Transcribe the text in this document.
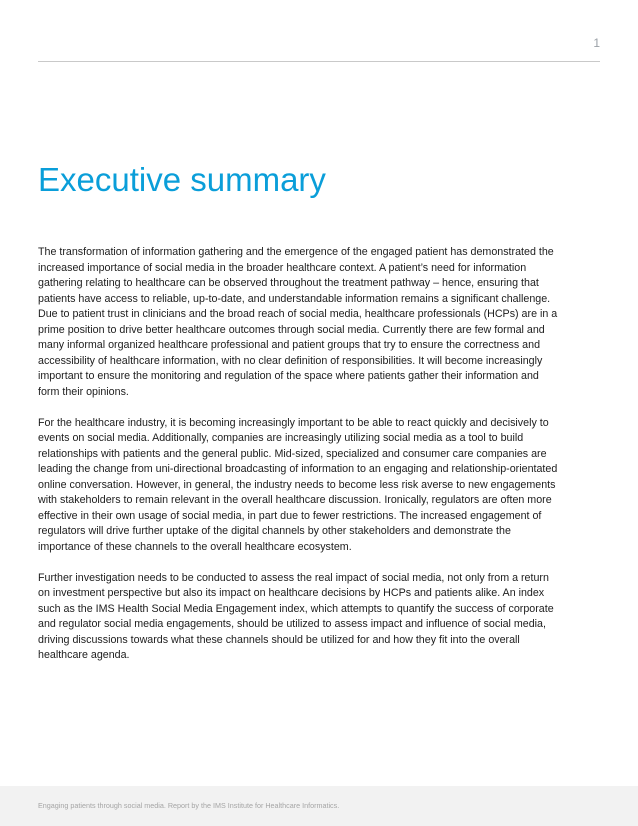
1
Executive summary

The transformation of information gathering and the emergence of the engaged patient has demonstrated the increased importance of social media in the broader healthcare context. A patient’s need for information gathering relating to healthcare can be observed throughout the treatment pathway – hence, ensuring that patients have access to reliable, up-to-date, and understandable information remains a significant challenge. Due to patient trust in clinicians and the broad reach of social media, healthcare professionals (HCPs) are in a prime position to drive better healthcare outcomes through social media. Currently there are few formal and many informal organized healthcare professional and patient groups that try to ensure the correctness and accessibility of healthcare information, with no clear definition of responsibilities. It will become increasingly important to ensure the monitoring and regulation of the space where patients gather their information and form their opinions.

For the healthcare industry, it is becoming increasingly important to be able to react quickly and decisively to events on social media. Additionally, companies are increasingly utilizing social media as a tool to build relationships with patients and the general public. Mid-sized, specialized and consumer care companies are leading the change from uni-directional broadcasting of information to an engaging and relationship-orientated online conversation. However, in general, the industry needs to become less risk averse to new engagements with stakeholders to remain relevant in the overall healthcare discussion. Ironically, regulators are often more effective in their own usage of social media, in part due to fewer restrictions. The increased engagement of regulators will drive further uptake of the digital channels by other stakeholders and demonstrate the importance of these channels to the overall healthcare ecosystem.

Further investigation needs to be conducted to assess the real impact of social media, not only from a return on investment perspective but also its impact on healthcare decisions by HCPs and patients alike. An index such as the IMS Health Social Media Engagement index, which attempts to quantify the success of corporate and regulator social media engagements, should be utilized to assess impact and influence of social media, driving discussions towards what these channels should be utilized for and how they fit into the overall healthcare agenda.

Engaging patients through social media. Report by the IMS Institute for Healthcare Informatics.
